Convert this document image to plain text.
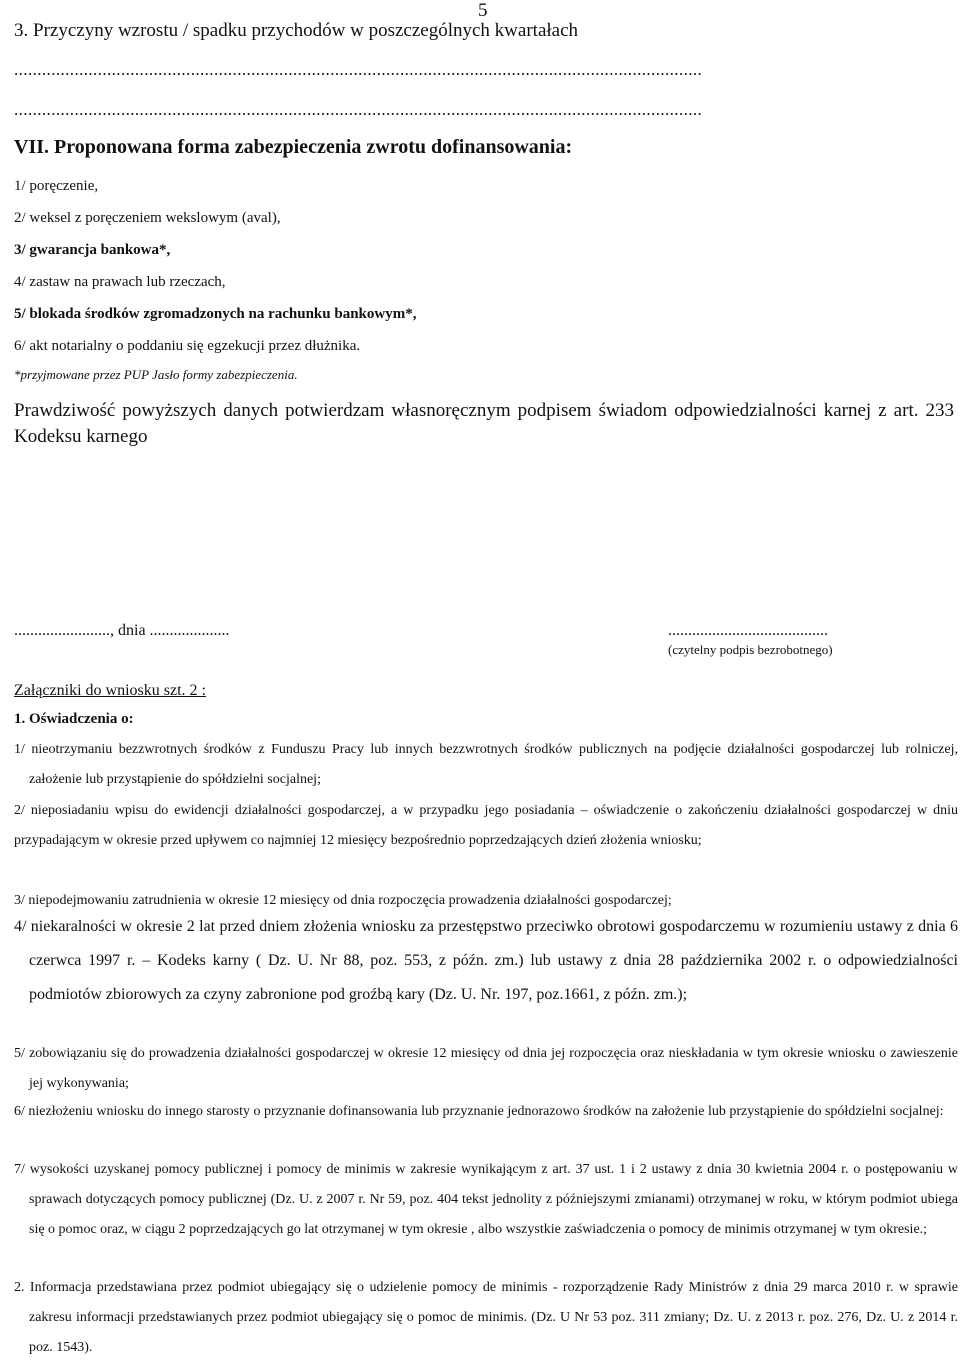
5
3. Przyczyny wzrostu / spadku przychodów w poszczególnych kwartałach
....................................................................................................................................................
....................................................................................................................................................
VII. Proponowana forma zabezpieczenia zwrotu dofinansowania:
1/ poręczenie,
2/ weksel z poręczeniem wekslowym (aval),
3/ gwarancja bankowa*,
4/ zastaw na prawach lub rzeczach,
5/ blokada środków zgromadzonych na rachunku bankowym*,
6/ akt notarialny o poddaniu się egzekucji przez dłużnika.
*przyjmowane przez PUP Jasło formy zabezpieczenia.
Prawdziwość powyższych danych potwierdzam własnoręcznym podpisem świadom odpowiedzialności karnej z art. 233 Kodeksu karnego
........................, dnia ....................	........................................
(czytelny podpis bezrobotnego)
Załączniki do wniosku szt. 2 :
1. Oświadczenia o:

1/ nieotrzymaniu bezzwrotnych środków z Funduszu Pracy lub innych bezzwrotnych środków publicznych na podjęcie działalności gospodarczej lub rolniczej, założenie lub przystąpienie do spółdzielni socjalnej;

2/ nieposiadaniu wpisu do ewidencji działalności gospodarczej, a w przypadku jego posiadania – oświadczenie o zakończeniu działalności gospodarczej w dniu przypadającym w okresie przed upływem co najmniej 12 miesięcy bezpośrednio poprzedzających dzień złożenia wniosku;

3/ niepodejmowaniu zatrudnienia w okresie 12 miesięcy od dnia rozpoczęcia prowadzenia działalności gospodarczej;

4/ niekaralności w okresie 2 lat przed dniem złożenia wniosku za przestępstwo przeciwko obrotowi gospodarczemu w rozumieniu ustawy z dnia 6 czerwca 1997 r. – Kodeks karny ( Dz. U. Nr 88, poz. 553, z późn. zm.) lub ustawy z dnia 28 października 2002 r. o odpowiedzialności podmiotów zbiorowych za czyny zabronione pod groźbą kary (Dz. U. Nr. 197, poz.1661, z późn. zm.);

5/ zobowiązaniu się do prowadzenia działalności gospodarczej w okresie 12 miesięcy od dnia jej rozpoczęcia oraz nieskładania w tym okresie wniosku o zawieszenie jej wykonywania;

6/ niezłożeniu wniosku do innego starosty o przyznanie dofinansowania lub przyznanie jednorazowo środków na założenie lub przystąpienie do spółdzielni socjalnej:

7/ wysokości uzyskanej pomocy publicznej i pomocy de minimis w zakresie wynikającym z art. 37 ust. 1 i 2 ustawy z dnia 30 kwietnia 2004 r. o postępowaniu w sprawach dotyczących pomocy publicznej (Dz. U. z 2007 r. Nr 59, poz. 404 tekst jednolity z późniejszymi zmianami) otrzymanej w roku, w którym podmiot ubiega się o pomoc oraz, w ciągu 2 poprzedzających go lat otrzymanej w tym okresie , albo wszystkie zaświadczenia o pomocy de minimis otrzymanej w tym okresie.;

2. Informacja przedstawiana przez podmiot ubiegający się o udzielenie pomocy de minimis - rozporządzenie Rady Ministrów z dnia 29 marca 2010 r. w sprawie zakresu informacji przedstawianych przez podmiot ubiegający się o pomoc de minimis. (Dz. U Nr 53 poz. 311 zmiany; Dz. U. z 2013 r. poz. 276, Dz. U. z 2014 r. poz. 1543).
